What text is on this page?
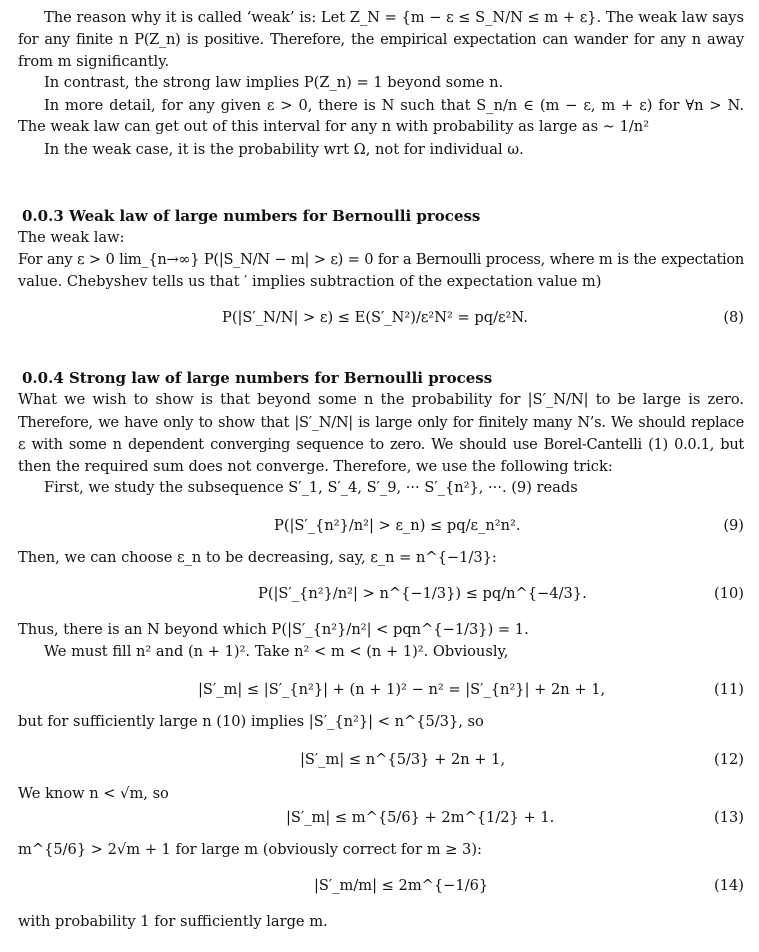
The reason why it is called ‘weak’ is: Let Z_N = {m − ε ≤ S_N/N ≤ m + ε}. The weak law says
for any finite n P(Z_n) is positive. Therefore, the empirical expectation can wander for any n away
from m significantly.
In contrast, the strong law implies P(Z_n) = 1 beyond some n.
In more detail, for any given ε > 0, there is N such that S_n/n ∈ (m − ε, m + ε) for ∀n > N.
The weak law can get out of this interval for any n with probability as large as ∼ 1/n²
In the weak case, it is the probability wrt Ω, not for individual ω.
0.0.3 Weak law of large numbers for Bernoulli process
The weak law:
For any ε > 0 lim_{n→∞} P(|S_N/N − m| > ε) = 0 for a Bernoulli process, where m is the expectation
value. Chebyshev tells us that ′ implies subtraction of the expectation value m)
P(|S′_N/N| > ε) ≤ E(S′_N²)/ε²N² = pq/ε²N.	(8)
0.0.4 Strong law of large numbers for Bernoulli process
What we wish to show is that beyond some n the probability for |S′_N/N| to be large is zero.
Therefore, we have only to show that |S′_N/N| is large only for finitely many N’s. We should replace
ε with some n dependent converging sequence to zero. We should use Borel-Cantelli (1) 0.0.1, but
then the required sum does not converge. Therefore, we use the following trick:
First, we study the subsequence S′_1, S′_4, S′_9, ··· S′_{n²}, ···. (9) reads
P(|S′_{n²}/n²| > ε_n) ≤ pq/ε_n²n².	(9)
Then, we can choose ε_n to be decreasing, say, ε_n = n^{−1/3}:
P(|S′_{n²}/n²| > n^{−1/3}) ≤ pq/n^{−4/3}.	(10)
Thus, there is an N beyond which P(|S′_{n²}/n²| < pqn^{−1/3}) = 1.
We must fill n² and (n + 1)². Take n² < m < (n + 1)². Obviously,
|S′_m| ≤ |S′_{n²}| + (n + 1)² − n² = |S′_{n²}| + 2n + 1,	(11)
but for sufficiently large n (10) implies |S′_{n²}| < n^{5/3}, so
|S′_m| ≤ n^{5/3} + 2n + 1,	(12)
We know n < √m, so
|S′_m| ≤ m^{5/6} + 2m^{1/2} + 1.	(13)
m^{5/6} > 2√m + 1 for large m (obviously correct for m ≥ 3):
|S′_m/m| ≤ 2m^{−1/6}	(14)
with probability 1 for sufficiently large m.
